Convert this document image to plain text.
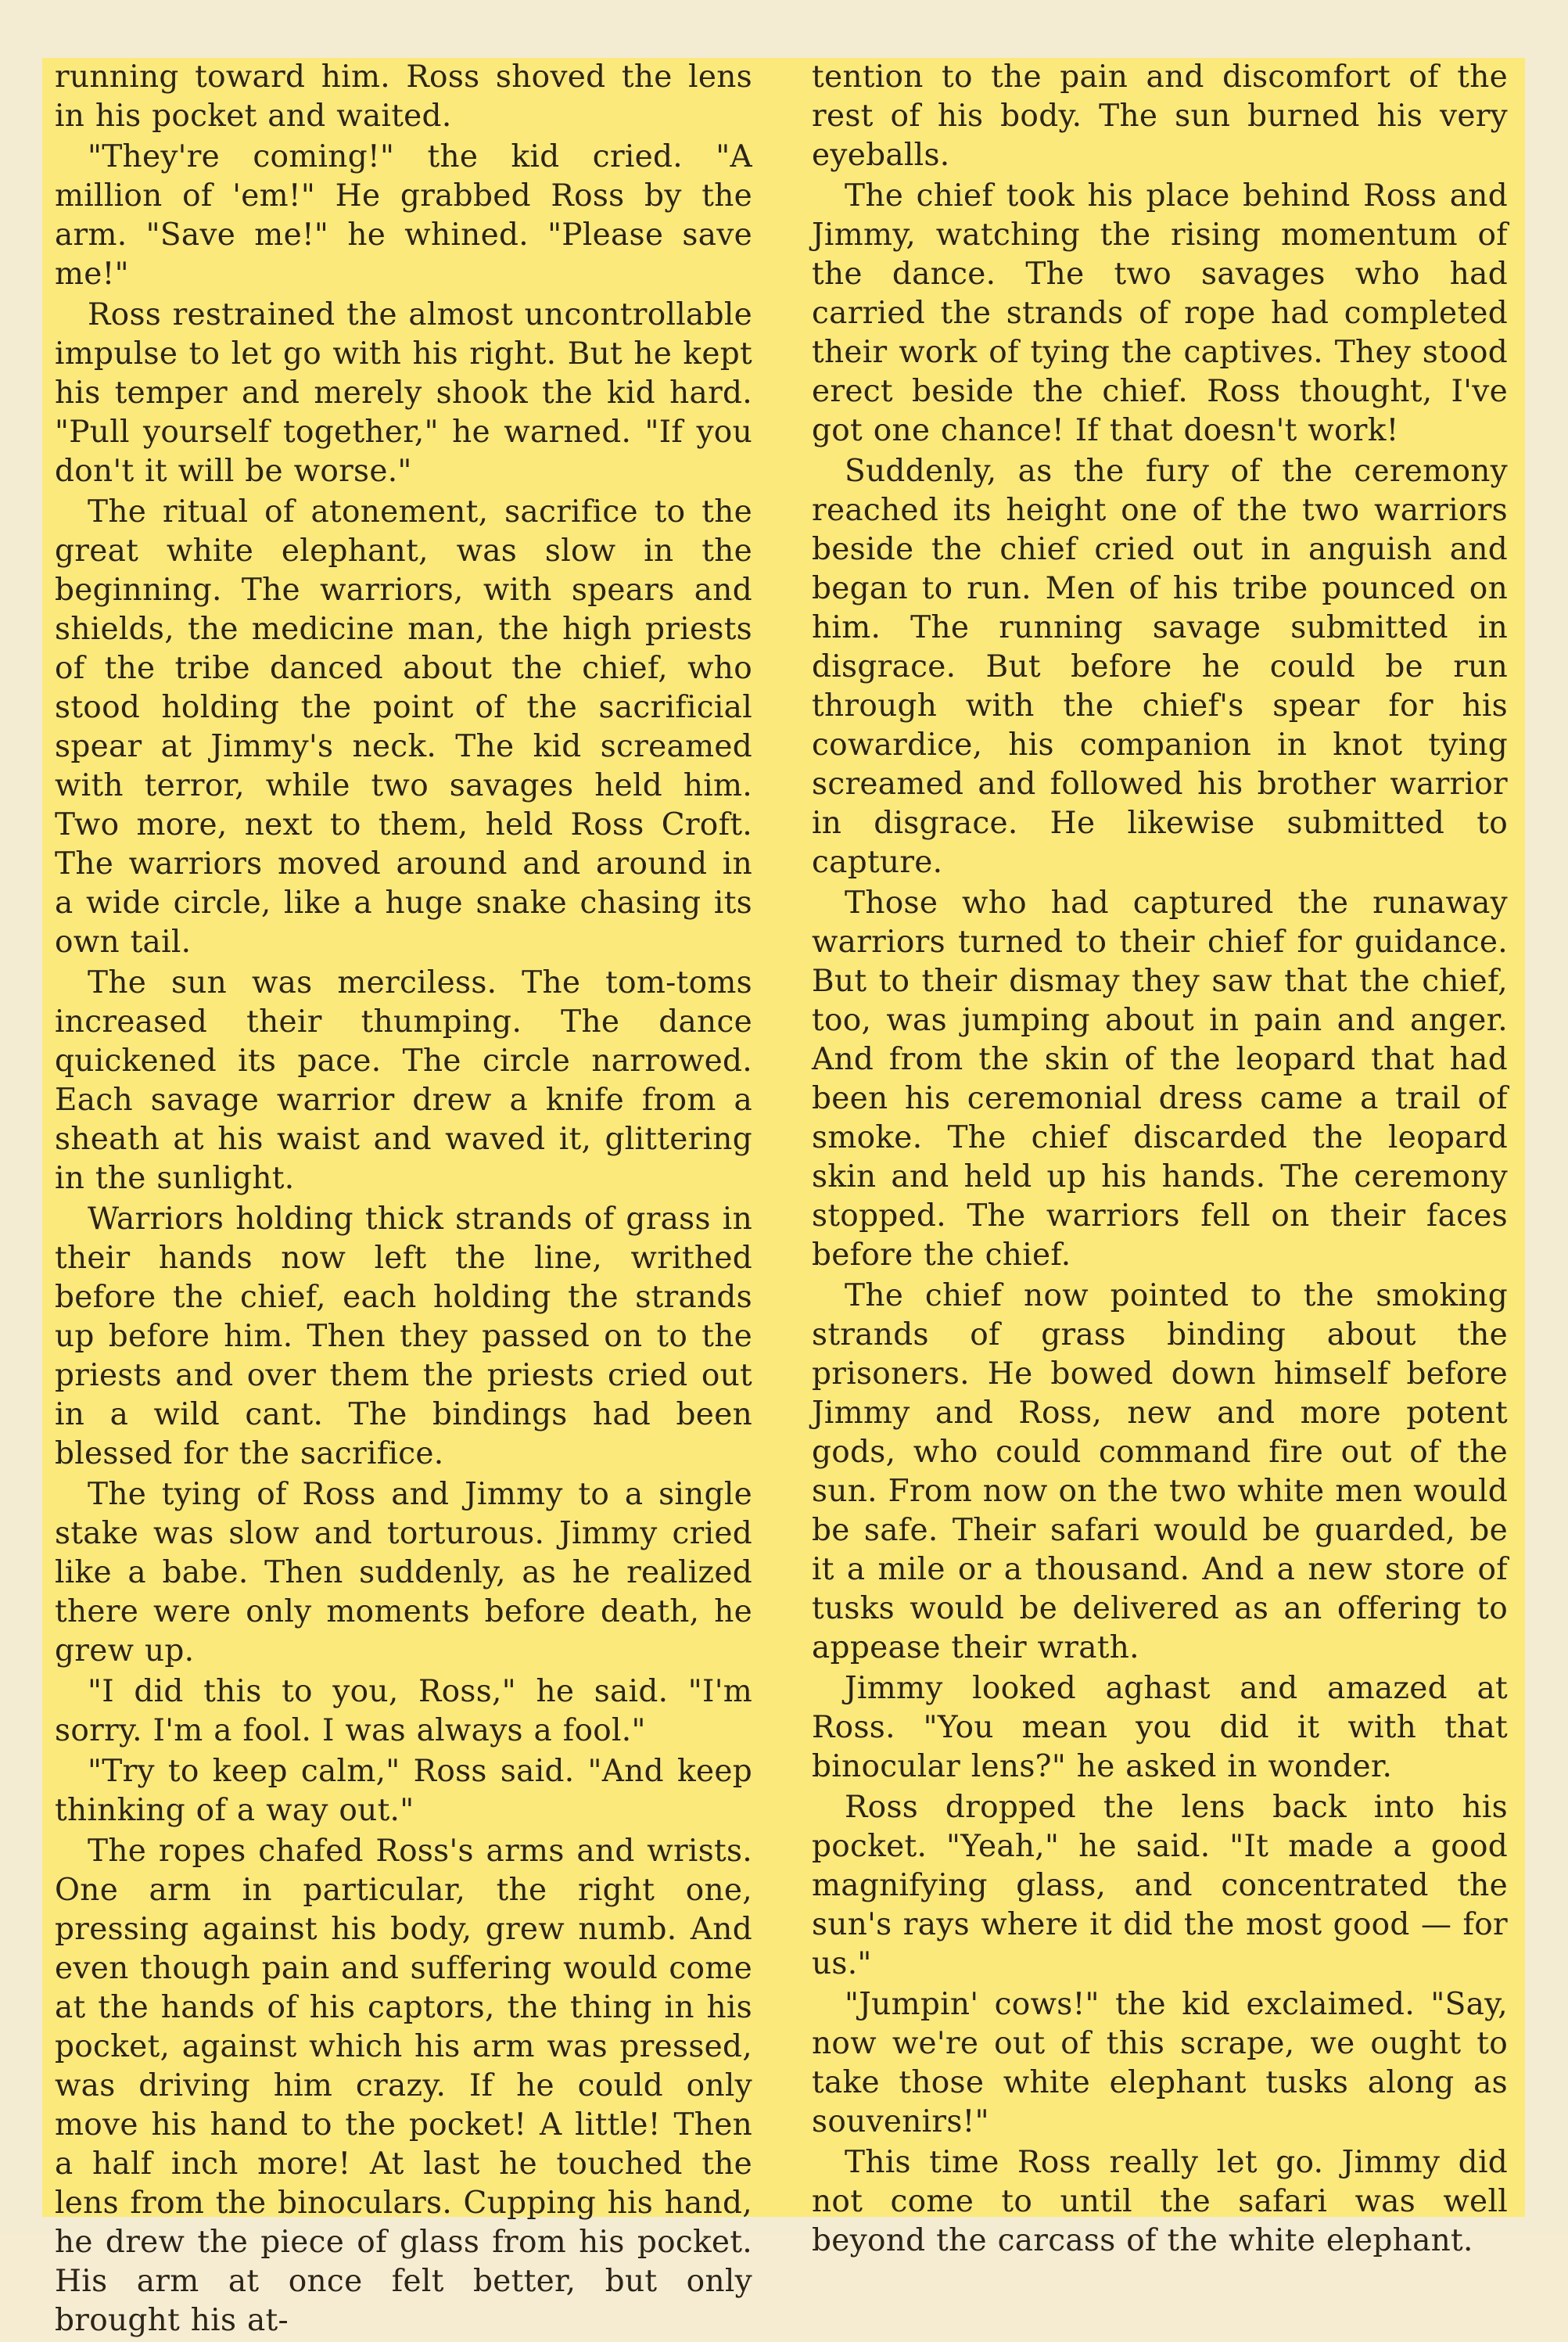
running toward him. Ross shoved the lens in his pocket and waited.

"They're coming!" the kid cried. "A million of 'em!" He grabbed Ross by the arm. "Save me!" he whined. "Please save me!"

Ross restrained the almost uncontrollable impulse to let go with his right. But he kept his temper and merely shook the kid hard. "Pull yourself together," he warned. "If you don't it will be worse."

The ritual of atonement, sacrifice to the great white elephant, was slow in the beginning. The warriors, with spears and shields, the medicine man, the high priests of the tribe danced about the chief, who stood holding the point of the sacrificial spear at Jimmy's neck. The kid screamed with terror, while two savages held him. Two more, next to them, held Ross Croft. The warriors moved around and around in a wide circle, like a huge snake chasing its own tail.

The sun was merciless. The tom-toms increased their thumping. The dance quickened its pace. The circle narrowed. Each savage warrior drew a knife from a sheath at his waist and waved it, glittering in the sunlight.

Warriors holding thick strands of grass in their hands now left the line, writhed before the chief, each holding the strands up before him. Then they passed on to the priests and over them the priests cried out in a wild cant. The bindings had been blessed for the sacrifice.

The tying of Ross and Jimmy to a single stake was slow and torturous. Jimmy cried like a babe. Then suddenly, as he realized there were only moments before death, he grew up.

"I did this to you, Ross," he said. "I'm sorry. I'm a fool. I was always a fool."

"Try to keep calm," Ross said. "And keep thinking of a way out."

The ropes chafed Ross's arms and wrists. One arm in particular, the right one, pressing against his body, grew numb. And even though pain and suffering would come at the hands of his captors, the thing in his pocket, against which his arm was pressed, was driving him crazy. If he could only move his hand to the pocket! A little! Then a half inch more! At last he touched the lens from the binoculars. Cupping his hand, he drew the piece of glass from his pocket. His arm at once felt better, but only brought his at-

tention to the pain and discomfort of the rest of his body. The sun burned his very eyeballs.

The chief took his place behind Ross and Jimmy, watching the rising momentum of the dance. The two savages who had carried the strands of rope had completed their work of tying the captives. They stood erect beside the chief. Ross thought, I've got one chance! If that doesn't work!

Suddenly, as the fury of the ceremony reached its height one of the two warriors beside the chief cried out in anguish and began to run. Men of his tribe pounced on him. The running savage submitted in disgrace. But before he could be run through with the chief's spear for his cowardice, his companion in knot tying screamed and followed his brother warrior in disgrace. He likewise submitted to capture.

Those who had captured the runaway warriors turned to their chief for guidance. But to their dismay they saw that the chief, too, was jumping about in pain and anger. And from the skin of the leopard that had been his ceremonial dress came a trail of smoke. The chief discarded the leopard skin and held up his hands. The ceremony stopped. The warriors fell on their faces before the chief.

The chief now pointed to the smoking strands of grass binding about the prisoners. He bowed down himself before Jimmy and Ross, new and more potent gods, who could command fire out of the sun. From now on the two white men would be safe. Their safari would be guarded, be it a mile or a thousand. And a new store of tusks would be delivered as an offering to appease their wrath.

Jimmy looked aghast and amazed at Ross. "You mean you did it with that binocular lens?" he asked in wonder.

Ross dropped the lens back into his pocket. "Yeah," he said. "It made a good magnifying glass, and concentrated the sun's rays where it did the most good — for us."

"Jumpin' cows!" the kid exclaimed. "Say, now we're out of this scrape, we ought to take those white elephant tusks along as souvenirs!"

This time Ross really let go. Jimmy did not come to until the safari was well beyond the carcass of the white elephant.
